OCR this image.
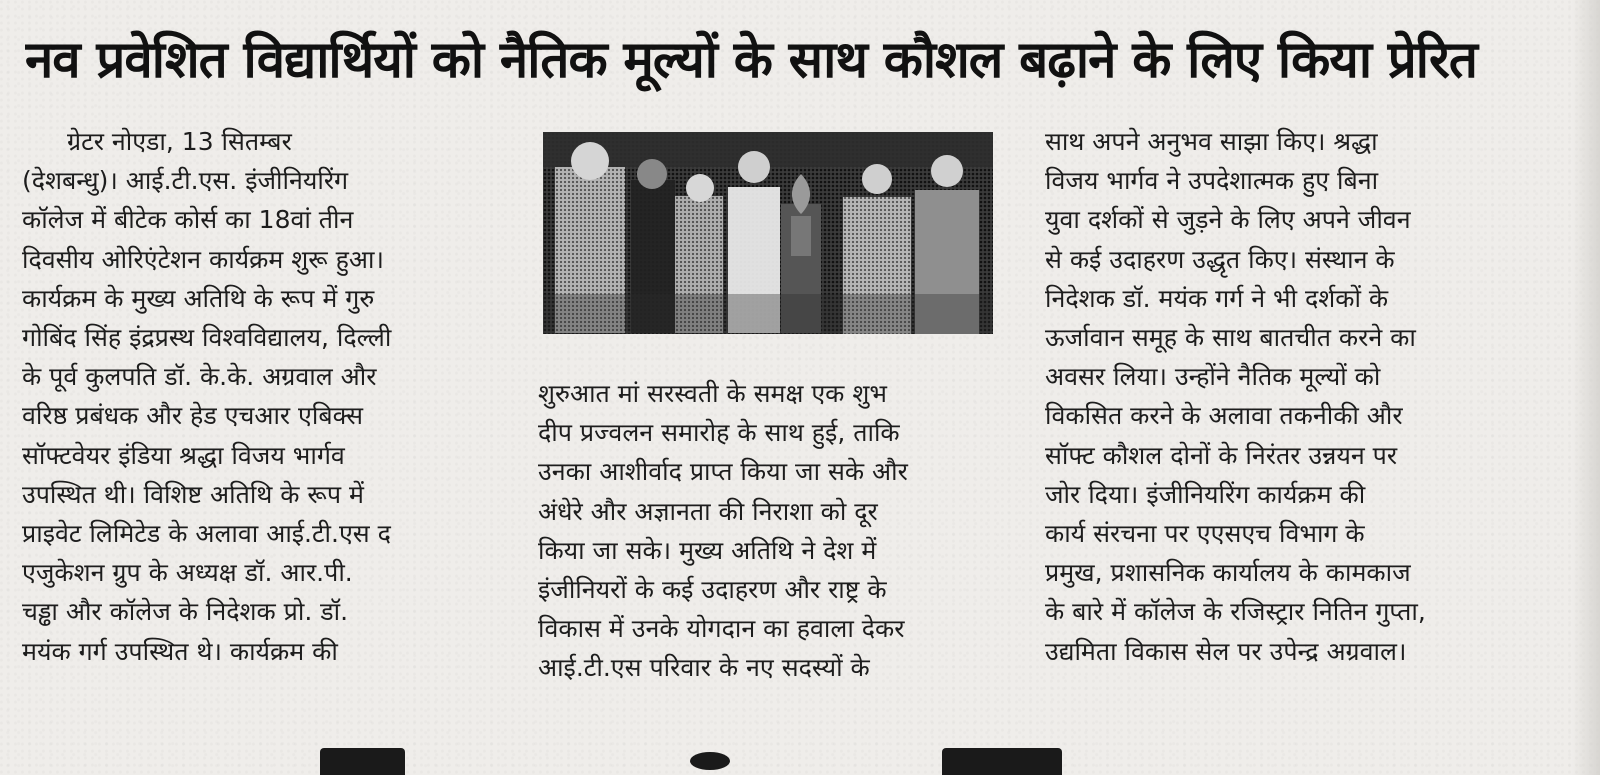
नव प्रवेशित विद्यार्थियों को नैतिक मूल्यों के साथ कौशल बढ़ाने के लिए किया प्रेरित
ग्रेटर नोएडा, 13 सितम्बर
(देशबन्धु)। आई.टी.एस. इंजीनियरिंग
कॉलेज में बीटेक कोर्स का 18वां तीन
दिवसीय ओरिएंटेशन कार्यक्रम शुरू हुआ।
कार्यक्रम के मुख्य अतिथि के रूप में गुरु
गोबिंद सिंह इंद्रप्रस्थ विश्वविद्यालय, दिल्ली
के पूर्व कुलपति डॉ. के.के. अग्रवाल और
वरिष्ठ प्रबंधक और हेड एचआर एबिक्स
सॉफ्टवेयर इंडिया श्रद्धा विजय भार्गव
उपस्थित थी। विशिष्ट अतिथि के रूप में
प्राइवेट लिमिटेड के अलावा आई.टी.एस द
एजुकेशन ग्रुप के अध्यक्ष डॉ. आर.पी.
चड्ढा और कॉलेज के निदेशक प्रो. डॉ.
मयंक गर्ग उपस्थित थे। कार्यक्रम की
शुरुआत मां सरस्वती के समक्ष एक शुभ
दीप प्रज्वलन समारोह के साथ हुई, ताकि
उनका आशीर्वाद प्राप्त किया जा सके और
अंधेरे और अज्ञानता की निराशा को दूर
किया जा सके। मुख्य अतिथि ने देश में
इंजीनियरों के कई उदाहरण और राष्ट्र के
विकास में उनके योगदान का हवाला देकर
आई.टी.एस परिवार के नए सदस्यों के
साथ अपने अनुभव साझा किए। श्रद्धा
विजय भार्गव ने उपदेशात्मक हुए बिना
युवा दर्शकों से जुड़ने के लिए अपने जीवन
से कई उदाहरण उद्धृत किए। संस्थान के
निदेशक डॉ. मयंक गर्ग ने भी दर्शकों के
ऊर्जावान समूह के साथ बातचीत करने का
अवसर लिया। उन्होंने नैतिक मूल्यों को
विकसित करने के अलावा तकनीकी और
सॉफ्ट कौशल दोनों के निरंतर उन्नयन पर
जोर दिया। इंजीनियरिंग कार्यक्रम की
कार्य संरचना पर एएसएच विभाग के
प्रमुख, प्रशासनिक कार्यालय के कामकाज
के बारे में कॉलेज के रजिस्ट्रार नितिन गुप्ता,
उद्यमिता विकास सेल पर उपेन्द्र अग्रवाल।
